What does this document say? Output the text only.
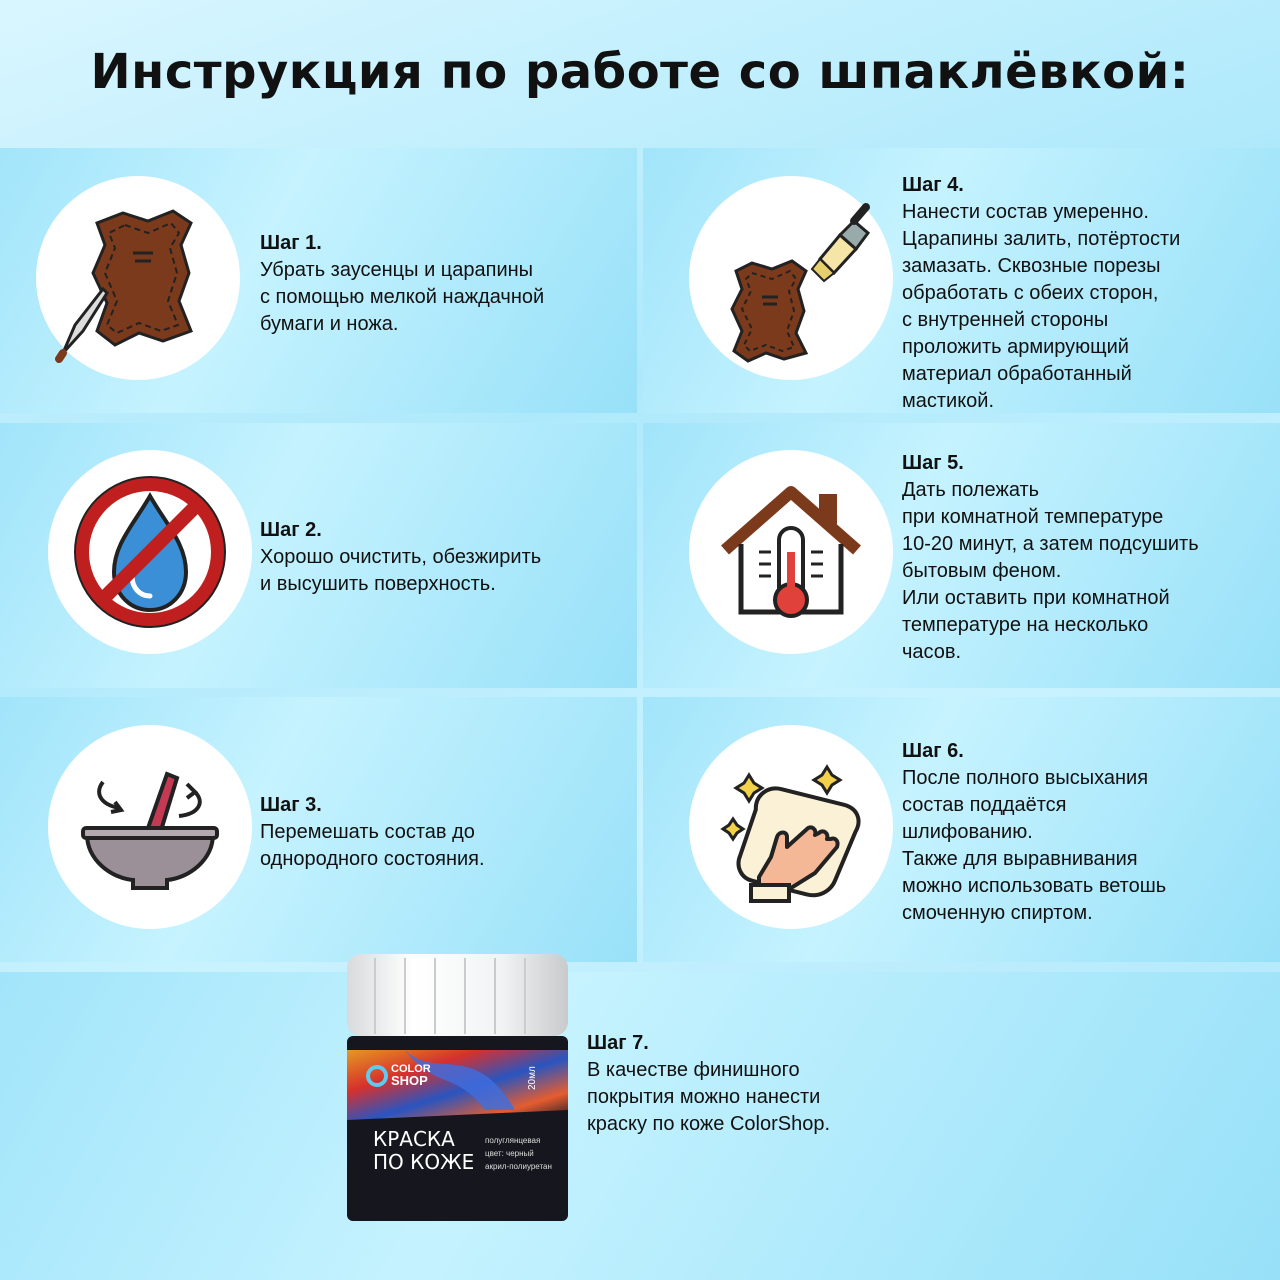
Инструкция по работе со шпаклёвкой:
Шаг 1.
Убрать заусенцы и царапины
с помощью мелкой наждачной
бумаги и ножа.
Шаг 4.
Нанести состав умеренно.
Царапины залить, потёртости
замазать. Сквозные порезы
обработать с обеих сторон,
с внутренней стороны
проложить армирующий
материал обработанный
мастикой.
Шаг 2.
Хорошо очистить, обезжирить
и высушить поверхность.
Шаг 5.
Дать полежать
при комнатной температуре
10-20 минут, а затем подсушить
бытовым феном.
Или оставить при комнатной
температуре на несколько
часов.
Шаг 3.
Перемешать состав до
однородного состояния.
Шаг 6.
После полного высыхания
состав поддаётся
шлифованию.
Также для выравнивания
можно использовать ветошь
смоченную спиртом.
COLOR
SHOP	20мл
КРАСКА
ПО КОЖЕ
полуглянцевая
цвет: черный
акрил-полиуретан
Шаг 7.
В качестве финишного
покрытия можно нанести
краску по коже ColorShop.
